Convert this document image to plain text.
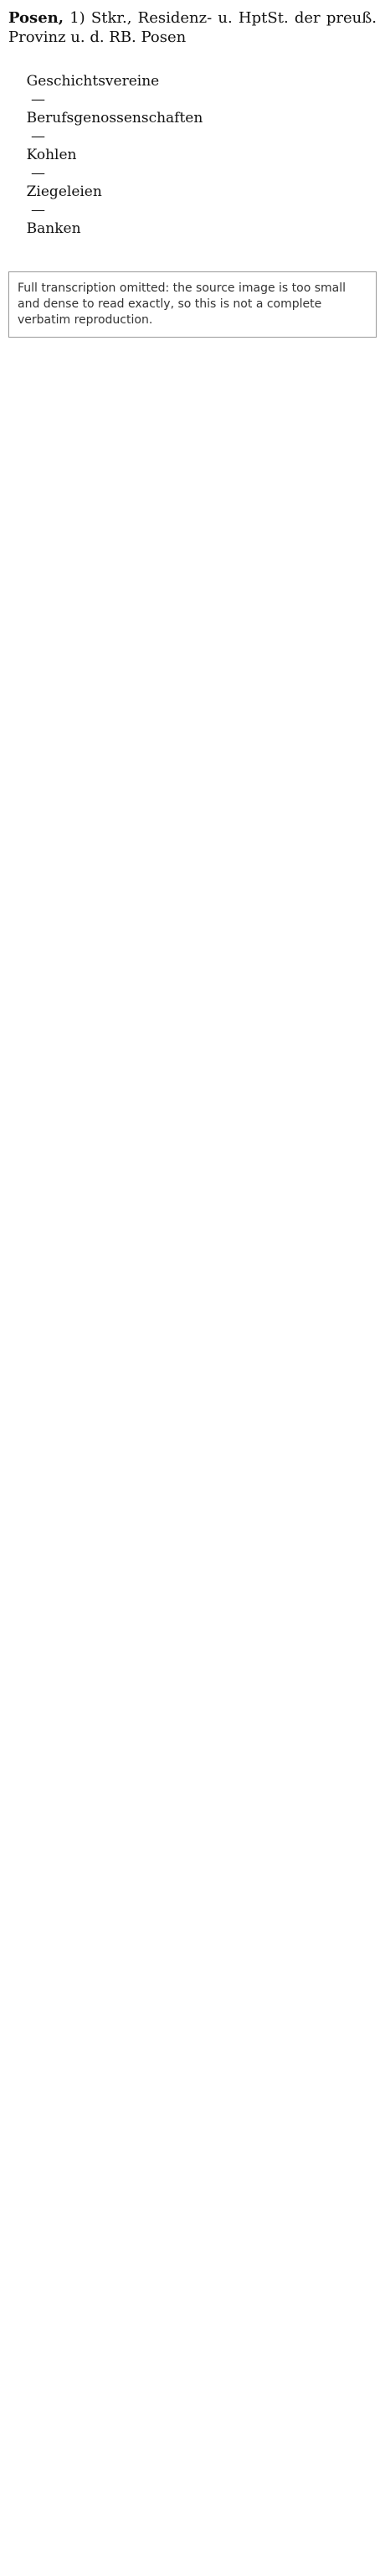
Posen, 1) Stkr., Residenz- u. HptSt. der preuß. Provinz u. d. RB. Posen

Geschichtsvereine
—
Berufsgenossenschaften
—
Kohlen
—
Ziegeleien
—
Banken

Full transcription omitted: the source image is too small and dense to read exactly, so this is not a complete verbatim reproduction.
